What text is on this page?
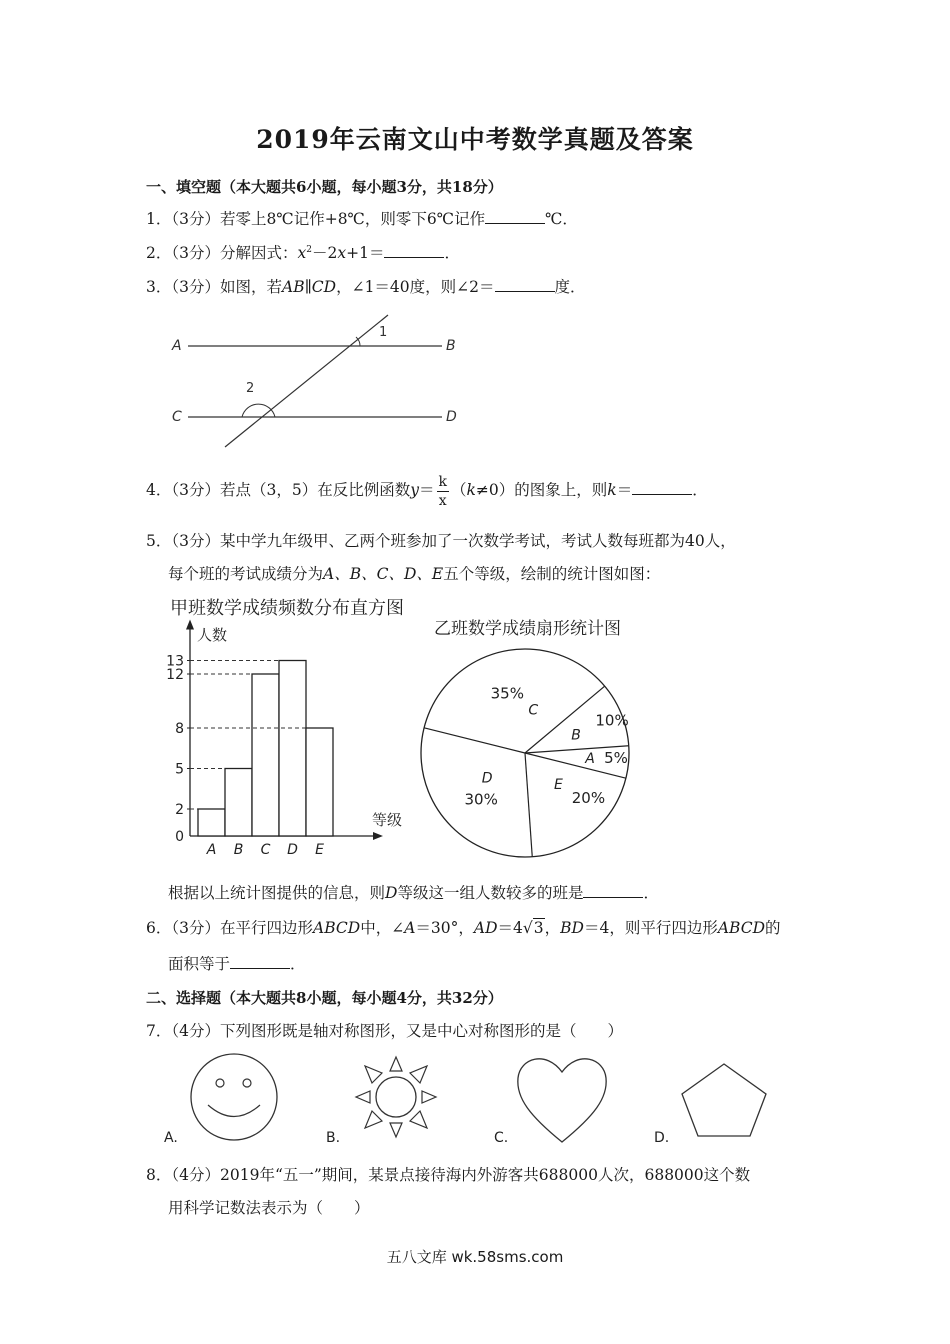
2019年云南文山中考数学真题及答案
一、填空题（本大题共6小题，每小题3分，共18分）
1．（3分）若零上8℃记作+8℃，则零下6℃记作	℃．
2．（3分）分解因式：$x^2-2x+1=$	．
3．（3分）如图，若AB∥CD，∠1＝40度，则∠2＝	度．
A	B
C	D
1
2
4．（3分）若点（3，5）在反比例函数$y= \frac{k}{x} (k\ne 0)$的图象上，则k＝	．
5．（3分）某中学九年级甲、乙两个班参加了一次数学考试，考试人数每班都为40人，
每个班的考试成绩分为A、B、C、D、E五个等级，绘制的统计图如图：
甲班数学成绩频数分布直方图
人数
等级
0
2
5
8
12
13
A B C D E
乙班数学成绩扇形统计图
A 5%
B
10%
C
35%
D
30%
E
20%
根据以上统计图提供的信息，则D等级这一组人数较多的班是	．
6．（3分）在平行四边形ABCD中，∠A＝30°，AD＝4√3，BD＝4，则平行四边形ABCD的
面积等于	．
二、选择题（本大题共8小题，每小题4分，共32分）
7．（4分）下列图形既是轴对称图形，又是中心对称图形的是（　　）
A.	B.	C.	D.
8．（4分）2019年“五一”期间，某景点接待海内外游客共688000人次，688000这个数
用科学记数法表示为（　　）
五八文库 wk.58sms.com
